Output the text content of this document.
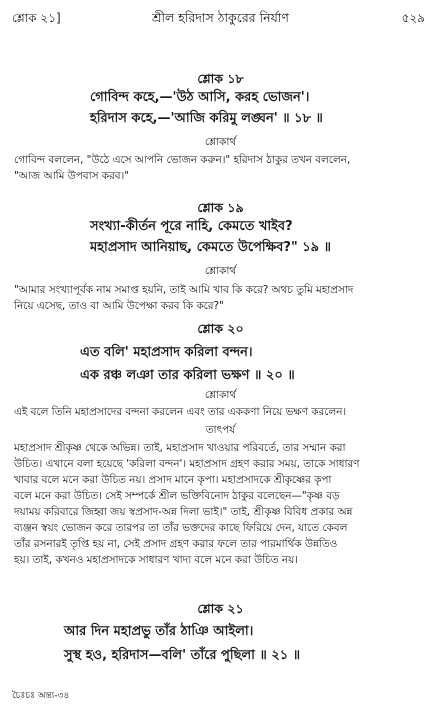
শ্লোক ২১]	শ্রীল হরিদাস ঠাকুরের নির্যাণ	৫২৯
শ্লোক ১৮
গোবিন্দ কহে,—'উঠ আসি, করহ ভোজন'।
হরিদাস কহে,—'আজি করিমু লঙ্ঘন' ॥ ১৮ ॥
শ্লোকার্থ
গোবিন্দ বললেন, "উঠে এসে আপনি ভোজন করুন।" হরিদাস ঠাকুর তখন বললেন,
"আজ আমি উপবাস করব।"
শ্লোক ১৯
সংখ্যা-কীর্তন পূরে নাহি, কেমতে খাইব?
মহাপ্রসাদ আনিয়াছ, কেমতে উপেক্ষিব?" ১৯ ॥
শ্লোকার্থ
"আমার সংখ্যাপূর্বক নাম সমাপ্ত হয়নি, তাই আমি খাব কি করে? অথচ তুমি মহাপ্রসাদ
নিয়ে এসেছ, তাও বা আমি উপেক্ষা করব কি করে?"
শ্লোক ২০
এত বলি' মহাপ্রসাদ করিলা বন্দন।
এক রঞ্চ লঞা তার করিলা ভক্ষণ ॥ ২০ ॥
শ্লোকার্থ
এই বলে তিনি মহাপ্রসাদের বন্দনা করলেন এবং তার এককণা নিয়ে ভক্ষণ করলেন।
তাৎপর্য
মহাপ্রসাদ শ্রীকৃষ্ণ থেকে অভিন্ন। তাই, মহাপ্রসাদ খাওয়ার পরিবর্তে, তার সম্মান করা
উচিত। এখানে বলা হয়েছে 'করিলা বন্দন'। মহাপ্রসাদ গ্রহণ করার সময়, তাকে সাধারণ
খাবার বলে মনে করা উচিত নয়। প্রসাদ মানে কৃপা। মহাপ্রসাদকে শ্রীকৃষ্ণের কৃপা
বলে মনে করা উচিত। সেই সম্পর্কে শ্রীল ভক্তিবিনোদ ঠাকুর বলেছেন—"কৃষ্ণ বড়
দয়াময় করিবারে জিহ্বা জয় স্বপ্রসাদ-অন্ন দিলা ভাই।" তাই, শ্রীকৃষ্ণ বিবিধ প্রকার অন্ন
ব্যঞ্জন স্বয়ং ভোজন করে তারপর তা তাঁর ভক্তদের কাছে ফিরিয়ে দেন, যাতে কেবল
তাঁর রসনারই তৃপ্তি হয় না, সেই প্রসাদ গ্রহণ করার ফলে তার পারমার্থিক উন্নতিও
হয়। তাই, কখনও মহাপ্রসাদকে সাধারণ খাদ্য বলে মনে করা উচিত নয়।
শ্লোক ২১
আর দিন মহাপ্রভু তাঁর ঠাঞি আইলা।
সুস্থ হও, হরিদাস—বলি' তাঁরে পুছিলা ॥ ২১ ॥
চৈঃচঃ অন্ত্য-৩৪
